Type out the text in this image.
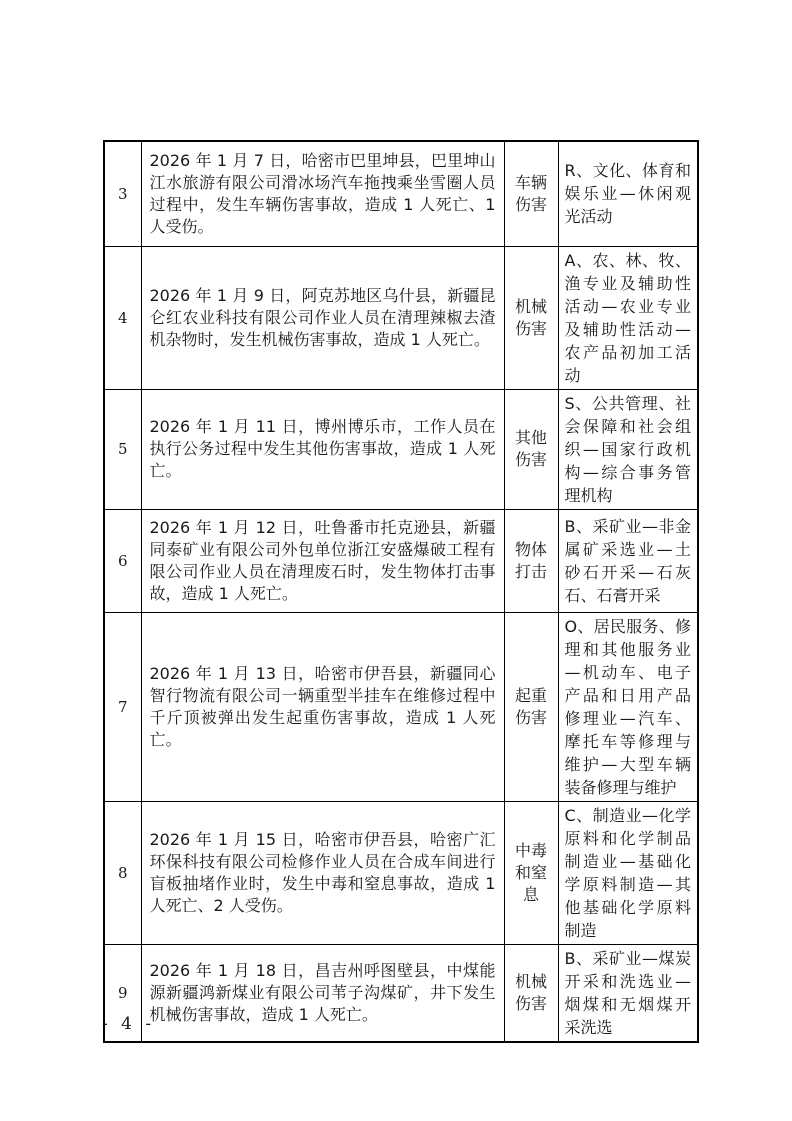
3	2026 年 1 月 7 日，哈密市巴里坤县，巴里坤山江水旅游有限公司滑冰场汽车拖拽乘坐雪圈人员过程中，发生车辆伤害事故，造成 1 人死亡、1 人受伤。	车辆伤害	R、文化、体育和娱乐业—休闲观光活动
4	2026 年 1 月 9 日，阿克苏地区乌什县，新疆昆仑红农业科技有限公司作业人员在清理辣椒去渣机杂物时，发生机械伤害事故，造成 1 人死亡。	机械伤害	A、农、林、牧、渔专业及辅助性活动—农业专业及辅助性活动—农产品初加工活动
5	2026 年 1 月 11 日，博州博乐市，工作人员在执行公务过程中发生其他伤害事故，造成 1 人死亡。	其他伤害	S、公共管理、社会保障和社会组织—国家行政机构—综合事务管理机构
6	2026 年 1 月 12 日，吐鲁番市托克逊县，新疆同泰矿业有限公司外包单位浙江安盛爆破工程有限公司作业人员在清理废石时，发生物体打击事故，造成 1 人死亡。	物体打击	B、采矿业—非金属矿采选业—土砂石开采—石灰石、石膏开采
7	2026 年 1 月 13 日，哈密市伊吾县，新疆同心智行物流有限公司一辆重型半挂车在维修过程中千斤顶被弹出发生起重伤害事故，造成 1 人死亡。	起重伤害	O、居民服务、修理和其他服务业—机动车、电子产品和日用产品修理业—汽车、摩托车等修理与维护—大型车辆装备修理与维护
8	2026 年 1 月 15 日，哈密市伊吾县，哈密广汇环保科技有限公司检修作业人员在合成车间进行盲板抽堵作业时，发生中毒和窒息事故，造成 1 人死亡、2 人受伤。	中毒和窒息	C、制造业—化学原料和化学制品制造业—基础化学原料制造—其他基础化学原料制造
9	2026 年 1 月 18 日，昌吉州呼图壁县，中煤能源新疆鸿新煤业有限公司苇子沟煤矿，井下发生机械伤害事故，造成 1 人死亡。	机械伤害	B、采矿业—煤炭开采和洗选业—烟煤和无烟煤开采洗选
- 4 -
